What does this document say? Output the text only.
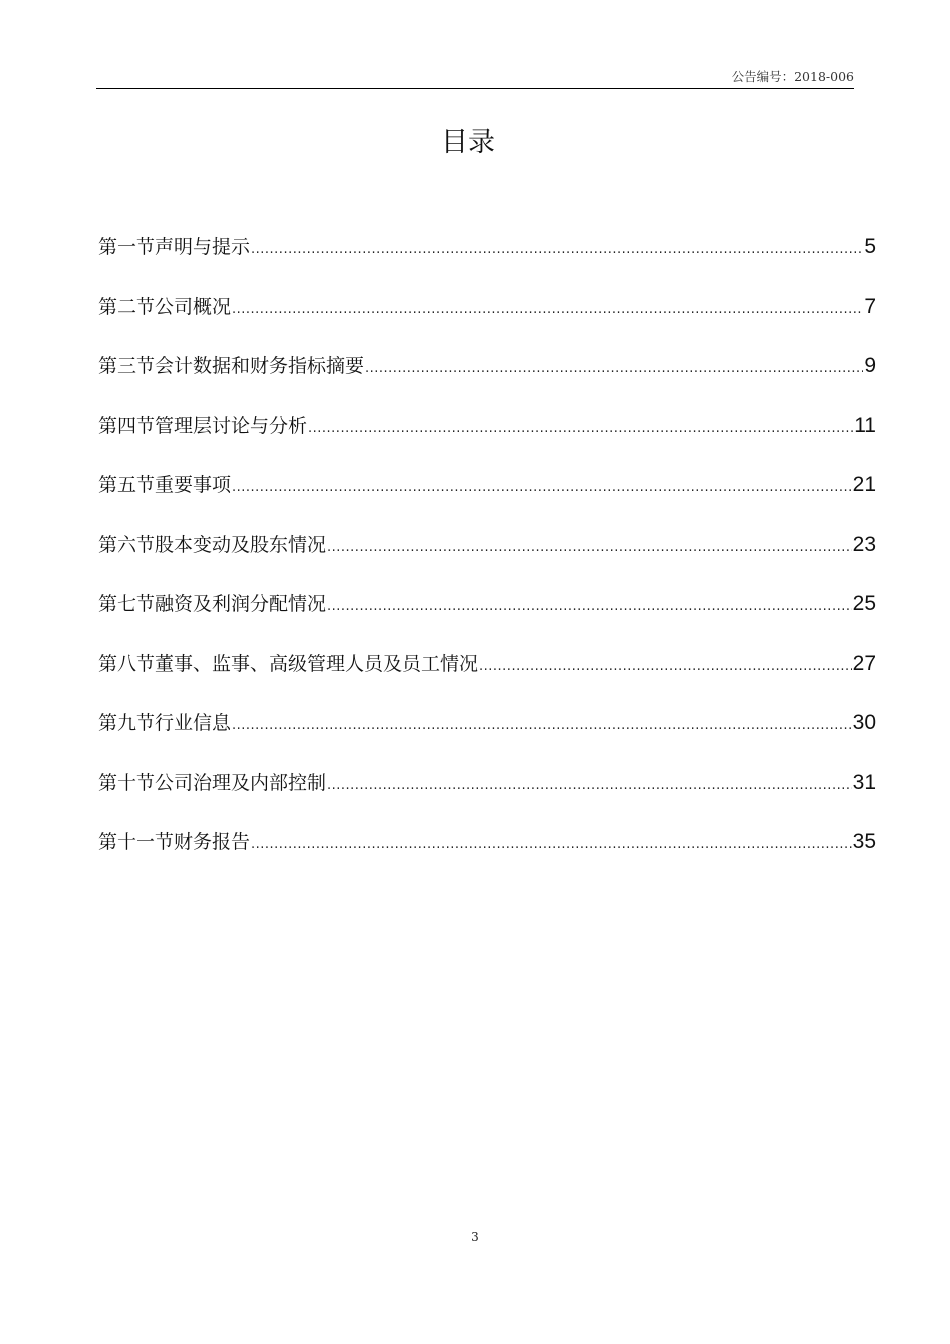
公告编号：2018-006
目录
第一节声明与提示 .....	5
第二节公司概况 .....	7
第三节会计数据和财务指标摘要 .....	9
第四节管理层讨论与分析 .....	11
第五节重要事项 .....	21
第六节股本变动及股东情况 .....	23
第七节融资及利润分配情况 .....	25
第八节董事、监事、高级管理人员及员工情况 .....	27
第九节行业信息 .....	30
第十节公司治理及内部控制 .....	31
第十一节财务报告 .....	35
3
